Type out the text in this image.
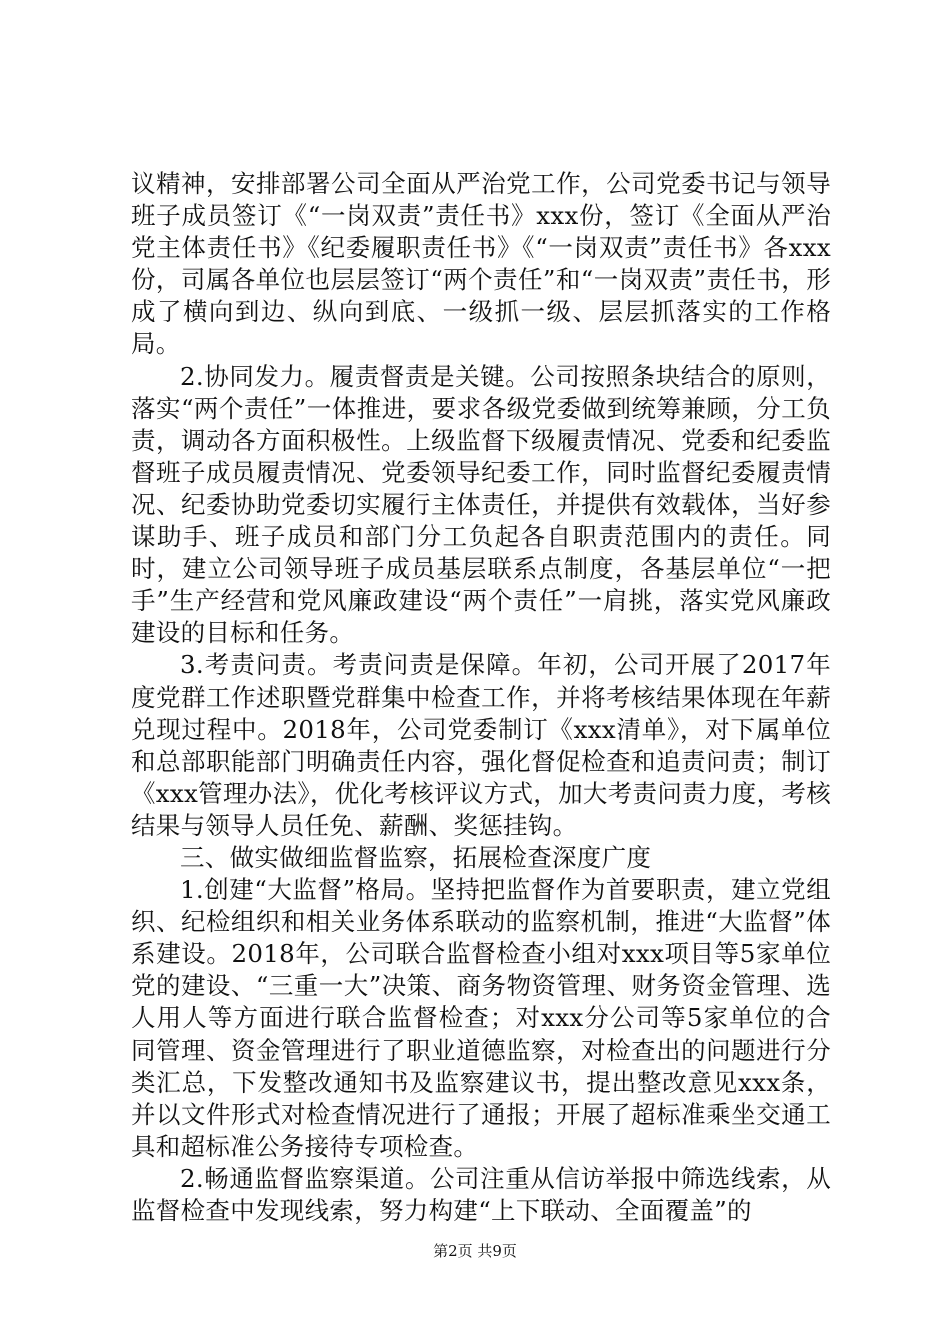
议精神，安排部署公司全面从严治党工作，公司党委书记与领导班子成员签订《“一岗双责”责任书》xxx份，签订《全面从严治党主体责任书》《纪委履职责任书》《“一岗双责”责任书》各xxx份，司属各单位也层层签订“两个责任”和“一岗双责”责任书，形成了横向到边、纵向到底、一级抓一级、层层抓落实的工作格局。

2.协同发力。履责督责是关键。公司按照条块结合的原则，落实“两个责任”一体推进，要求各级党委做到统筹兼顾，分工负责，调动各方面积极性。上级监督下级履责情况、党委和纪委监督班子成员履责情况、党委领导纪委工作，同时监督纪委履责情况、纪委协助党委切实履行主体责任，并提供有效载体，当好参谋助手、班子成员和部门分工负起各自职责范围内的责任。同时，建立公司领导班子成员基层联系点制度，各基层单位“一把手”生产经营和党风廉政建设“两个责任”一肩挑，落实党风廉政建设的目标和任务。

3.考责问责。考责问责是保障。年初，公司开展了2017年度党群工作述职暨党群集中检查工作，并将考核结果体现在年薪兑现过程中。2018年，公司党委制订《xxx清单》，对下属单位和总部职能部门明确责任内容，强化督促检查和追责问责；制订《xxx管理办法》，优化考核评议方式，加大考责问责力度，考核结果与领导人员任免、薪酬、奖惩挂钩。

三、做实做细监督监察，拓展检查深度广度

1.创建“大监督”格局。坚持把监督作为首要职责，建立党组织、纪检组织和相关业务体系联动的监察机制，推进“大监督”体系建设。2018年，公司联合监督检查小组对xxx项目等5家单位党的建设、“三重一大”决策、商务物资管理、财务资金管理、选人用人等方面进行联合监督检查；对xxx分公司等5家单位的合同管理、资金管理进行了职业道德监察，对检查出的问题进行分类汇总，下发整改通知书及监察建议书，提出整改意见xxx条，并以文件形式对检查情况进行了通报；开展了超标准乘坐交通工具和超标准公务接待专项检查。

2.畅通监督监察渠道。公司注重从信访举报中筛选线索，从监督检查中发现线索，努力构建“上下联动、全面覆盖”的

第2页 共9页
